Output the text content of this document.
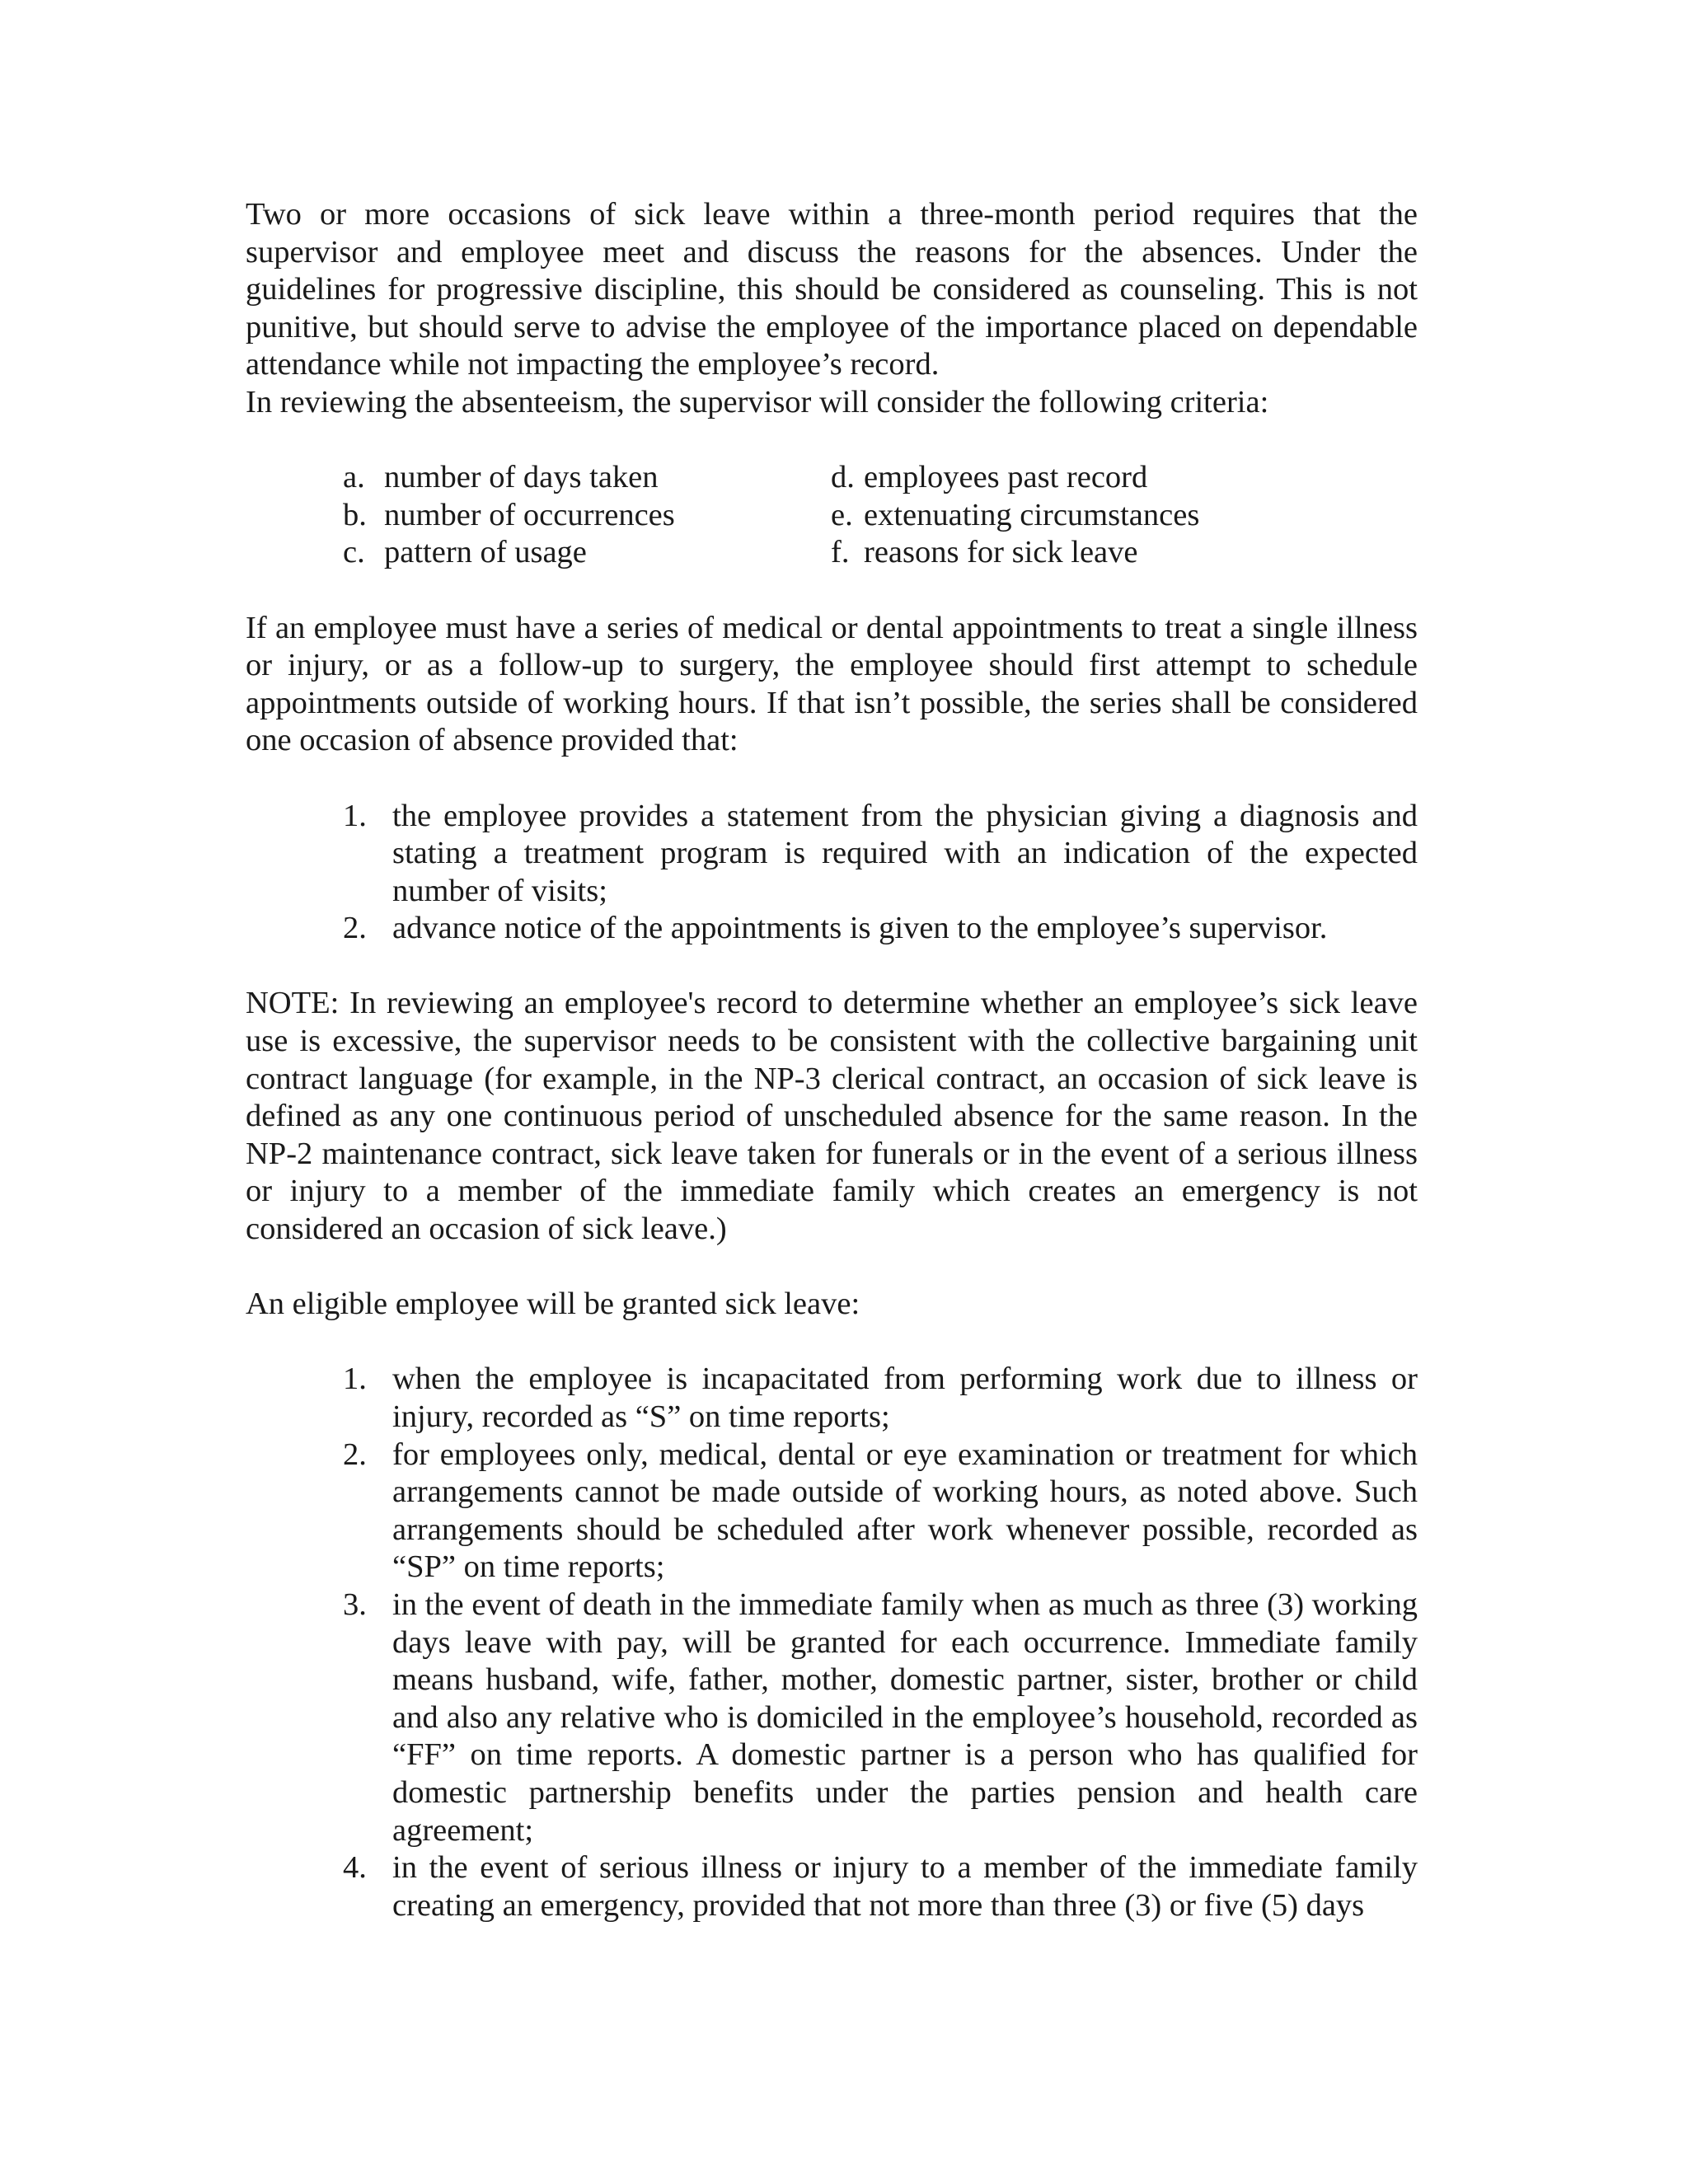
Two or more occasions of sick leave within a three-month period requires that the supervisor and employee meet and discuss the reasons for the absences. Under the guidelines for progressive discipline, this should be considered as counseling. This is not punitive, but should serve to advise the employee of the importance placed on dependable attendance while not impacting the employee’s record.

In reviewing the absenteeism, the supervisor will consider the following criteria:

a. number of days taken	d. employees past record
b. number of occurrences	e. extenuating circumstances
c. pattern of usage	f. reasons for sick leave

If an employee must have a series of medical or dental appointments to treat a single illness or injury, or as a follow-up to surgery, the employee should first attempt to schedule appointments outside of working hours. If that isn’t possible, the series shall be considered one occasion of absence provided that:

1. the employee provides a statement from the physician giving a diagnosis and stating a treatment program is required with an indication of the expected number of visits;
2. advance notice of the appointments is given to the employee’s supervisor.

NOTE: In reviewing an employee's record to determine whether an employee’s sick leave use is excessive, the supervisor needs to be consistent with the collective bargaining unit contract language (for example, in the NP-3 clerical contract, an occasion of sick leave is defined as any one continuous period of unscheduled absence for the same reason. In the NP-2 maintenance contract, sick leave taken for funerals or in the event of a serious illness or injury to a member of the immediate family which creates an emergency is not considered an occasion of sick leave.)

An eligible employee will be granted sick leave:

1. when the employee is incapacitated from performing work due to illness or injury, recorded as “S” on time reports;
2. for employees only, medical, dental or eye examination or treatment for which arrangements cannot be made outside of working hours, as noted above. Such arrangements should be scheduled after work whenever possible, recorded as “SP” on time reports;
3. in the event of death in the immediate family when as much as three (3) working days leave with pay, will be granted for each occurrence. Immediate family means husband, wife, father, mother, domestic partner, sister, brother or child and also any relative who is domiciled in the employee’s household, recorded as “FF” on time reports. A domestic partner is a person who has qualified for domestic partnership benefits under the parties pension and health care agreement;
4. in the event of serious illness or injury to a member of the immediate family creating an emergency, provided that not more than three (3) or five (5) days
